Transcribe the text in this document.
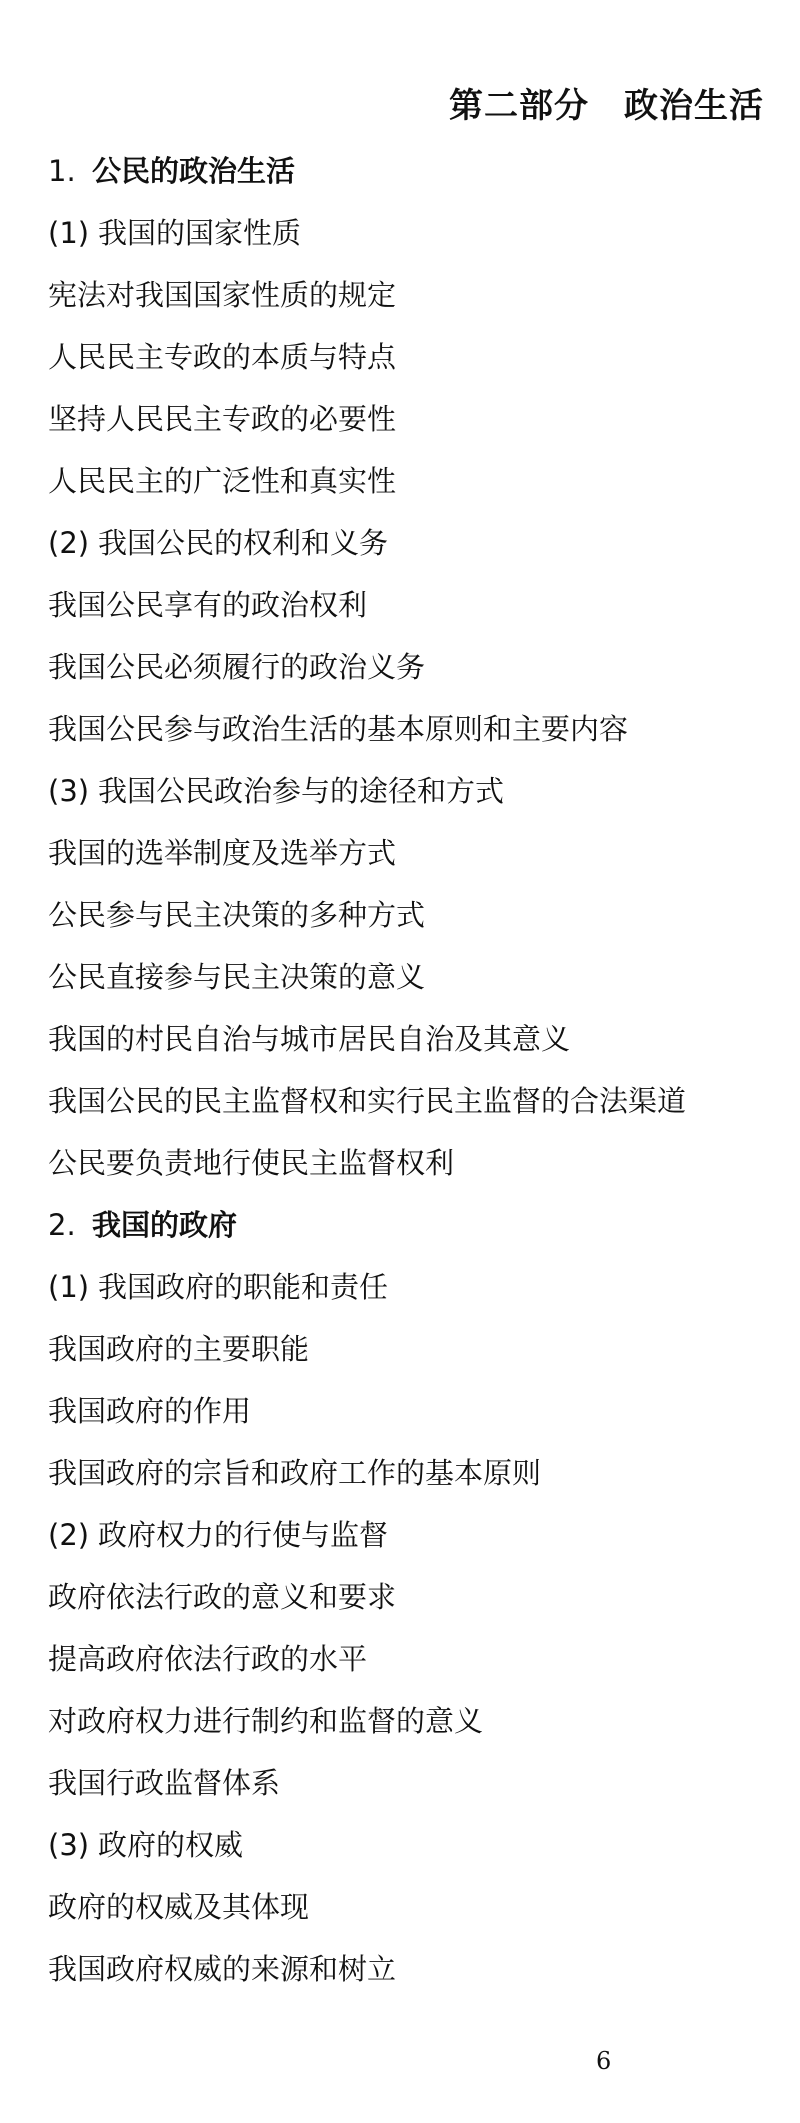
第二部分　政治生活
1. 公民的政治生活
(1) 我国的国家性质
宪法对我国国家性质的规定
人民民主专政的本质与特点
坚持人民民主专政的必要性
人民民主的广泛性和真实性
(2) 我国公民的权利和义务
我国公民享有的政治权利
我国公民必须履行的政治义务
我国公民参与政治生活的基本原则和主要内容
(3) 我国公民政治参与的途径和方式
我国的选举制度及选举方式
公民参与民主决策的多种方式
公民直接参与民主决策的意义
我国的村民自治与城市居民自治及其意义
我国公民的民主监督权和实行民主监督的合法渠道
公民要负责地行使民主监督权利
2. 我国的政府
(1) 我国政府的职能和责任
我国政府的主要职能
我国政府的作用
我国政府的宗旨和政府工作的基本原则
(2) 政府权力的行使与监督
政府依法行政的意义和要求
提高政府依法行政的水平
对政府权力进行制约和监督的意义
我国行政监督体系
(3) 政府的权威
政府的权威及其体现
我国政府权威的来源和树立
6
